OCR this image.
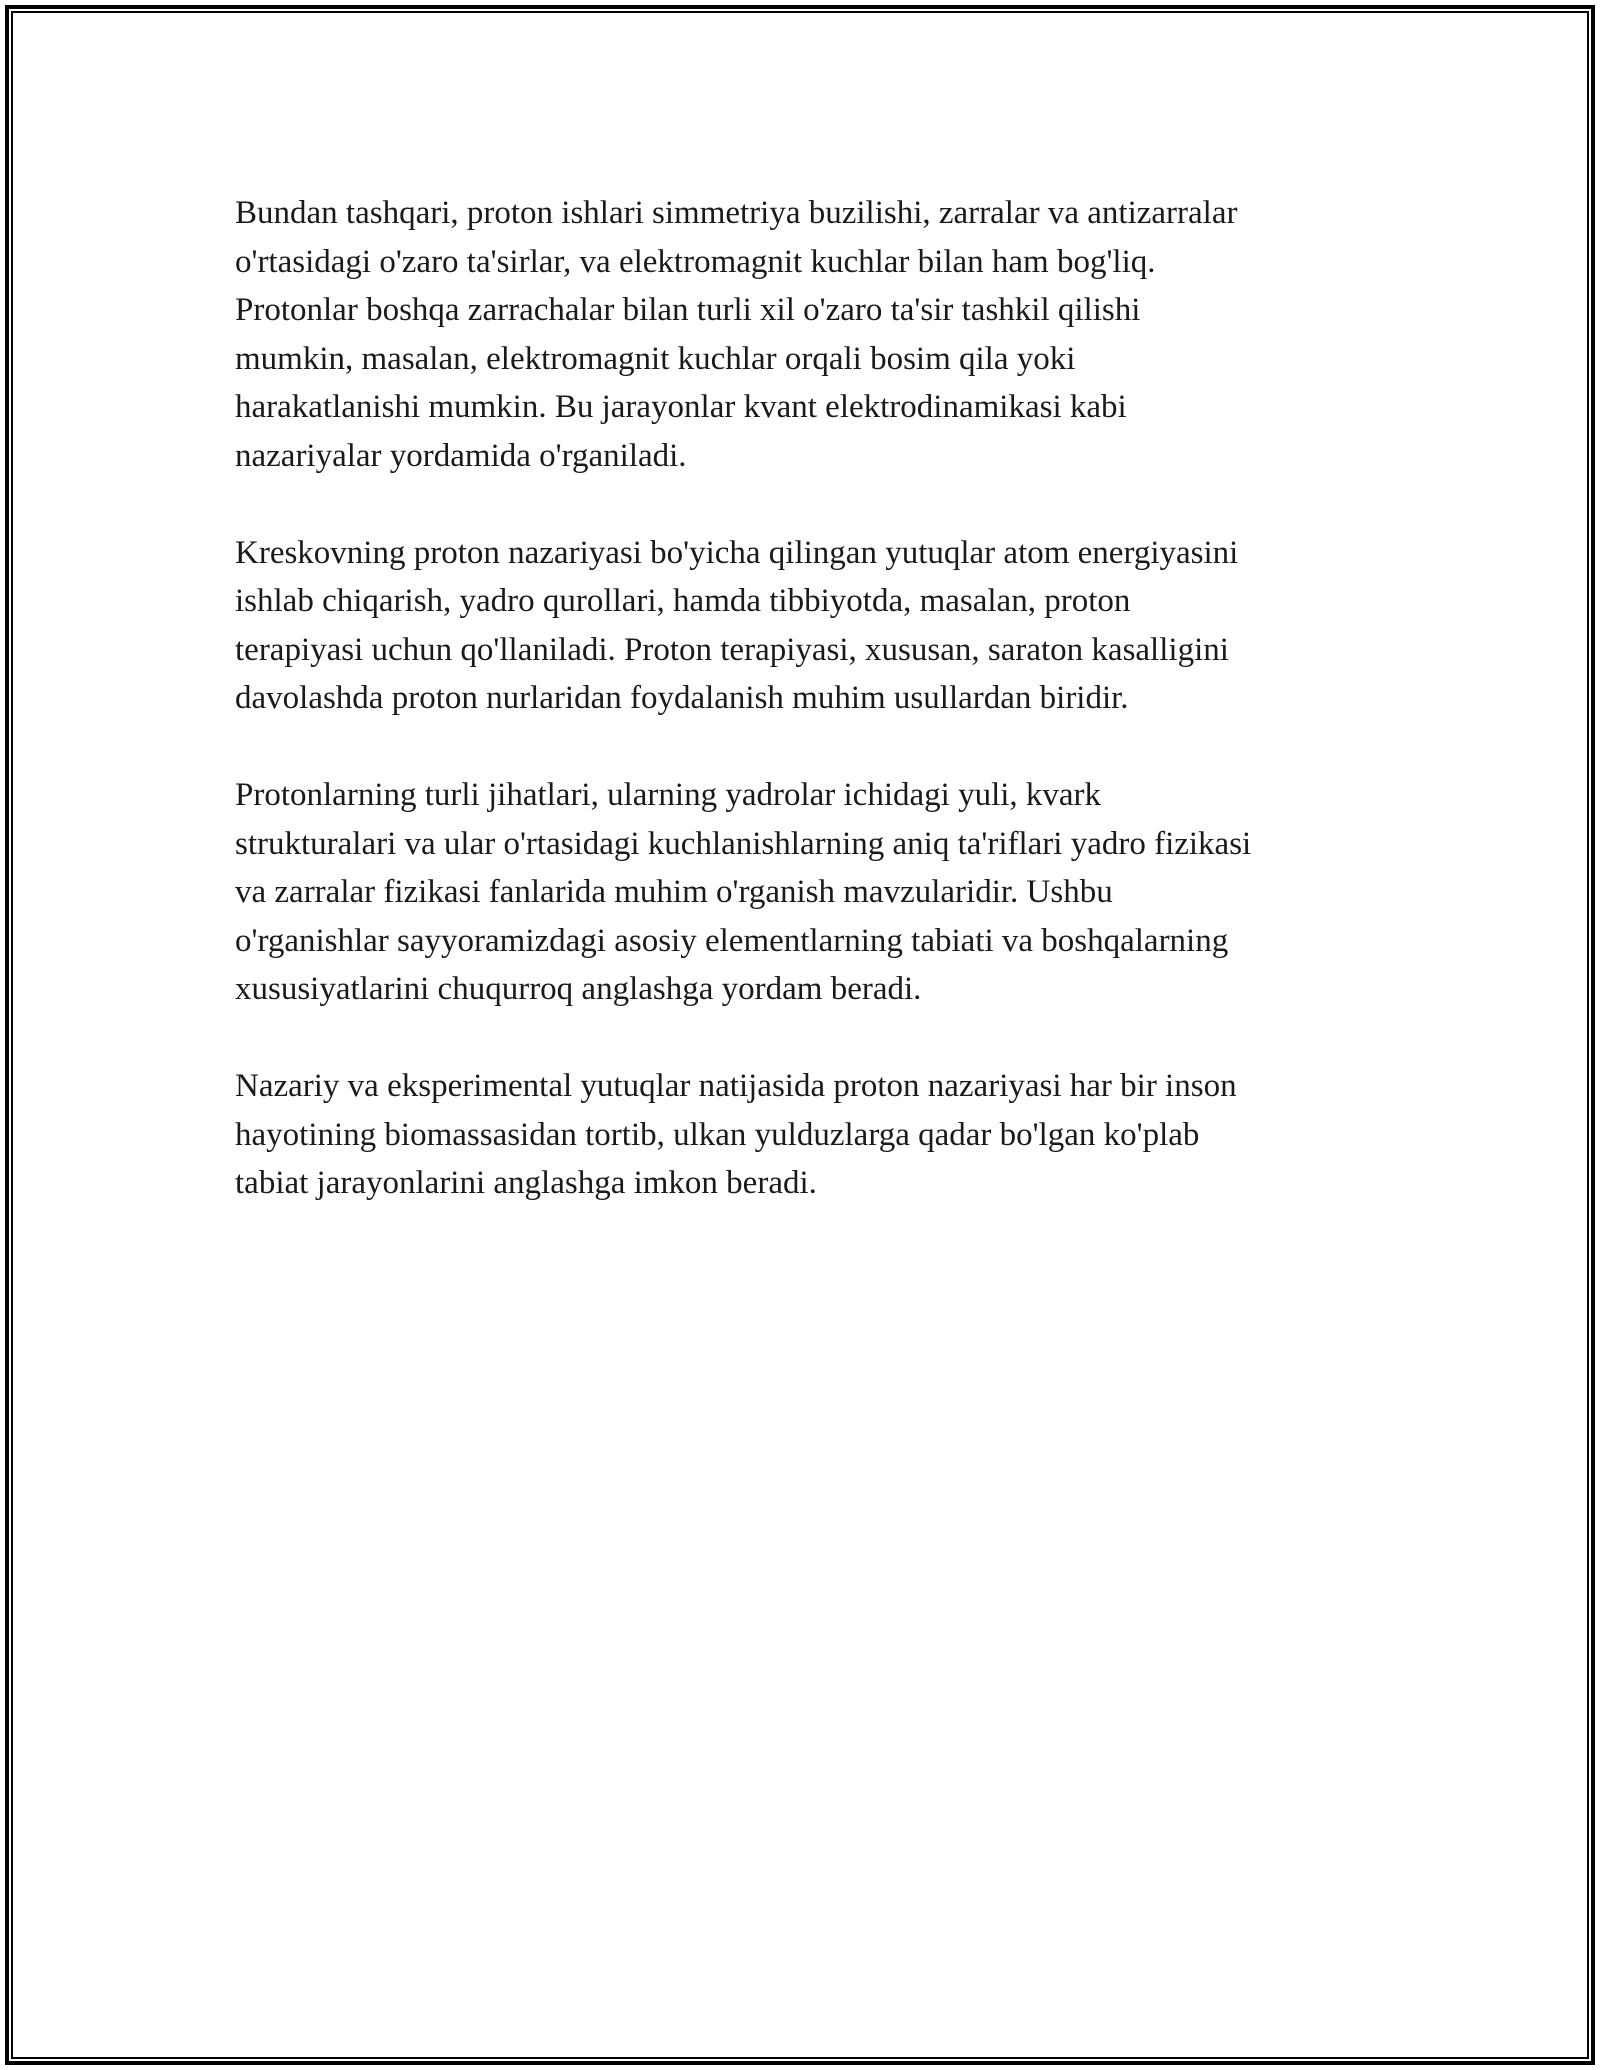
Bundan tashqari, proton ishlari simmetriya buzilishi, zarralar va antizarralar
o'rtasidagi o'zaro ta'sirlar, va elektromagnit kuchlar bilan ham bog'liq.
Protonlar boshqa zarrachalar bilan turli xil o'zaro ta'sir tashkil qilishi
mumkin, masalan, elektromagnit kuchlar orqali bosim qila yoki
harakatlanishi mumkin. Bu jarayonlar kvant elektrodinamikasi kabi
nazariyalar yordamida o'rganiladi.

Kreskovning proton nazariyasi bo'yicha qilingan yutuqlar atom energiyasini
ishlab chiqarish, yadro qurollari, hamda tibbiyotda, masalan, proton
terapiyasi uchun qo'llaniladi. Proton terapiyasi, xususan, saraton kasalligini
davolashda proton nurlaridan foydalanish muhim usullardan biridir.

Protonlarning turli jihatlari, ularning yadrolar ichidagi yuli, kvark
strukturalari va ular o'rtasidagi kuchlanishlarning aniq ta'riflari yadro fizikasi
va zarralar fizikasi fanlarida muhim o'rganish mavzularidir. Ushbu
o'rganishlar sayyoramizdagi asosiy elementlarning tabiati va boshqalarning
xususiyatlarini chuqurroq anglashga yordam beradi.

Nazariy va eksperimental yutuqlar natijasida proton nazariyasi har bir inson
hayotining biomassasidan tortib, ulkan yulduzlarga qadar bo'lgan ko'plab
tabiat jarayonlarini anglashga imkon beradi.
